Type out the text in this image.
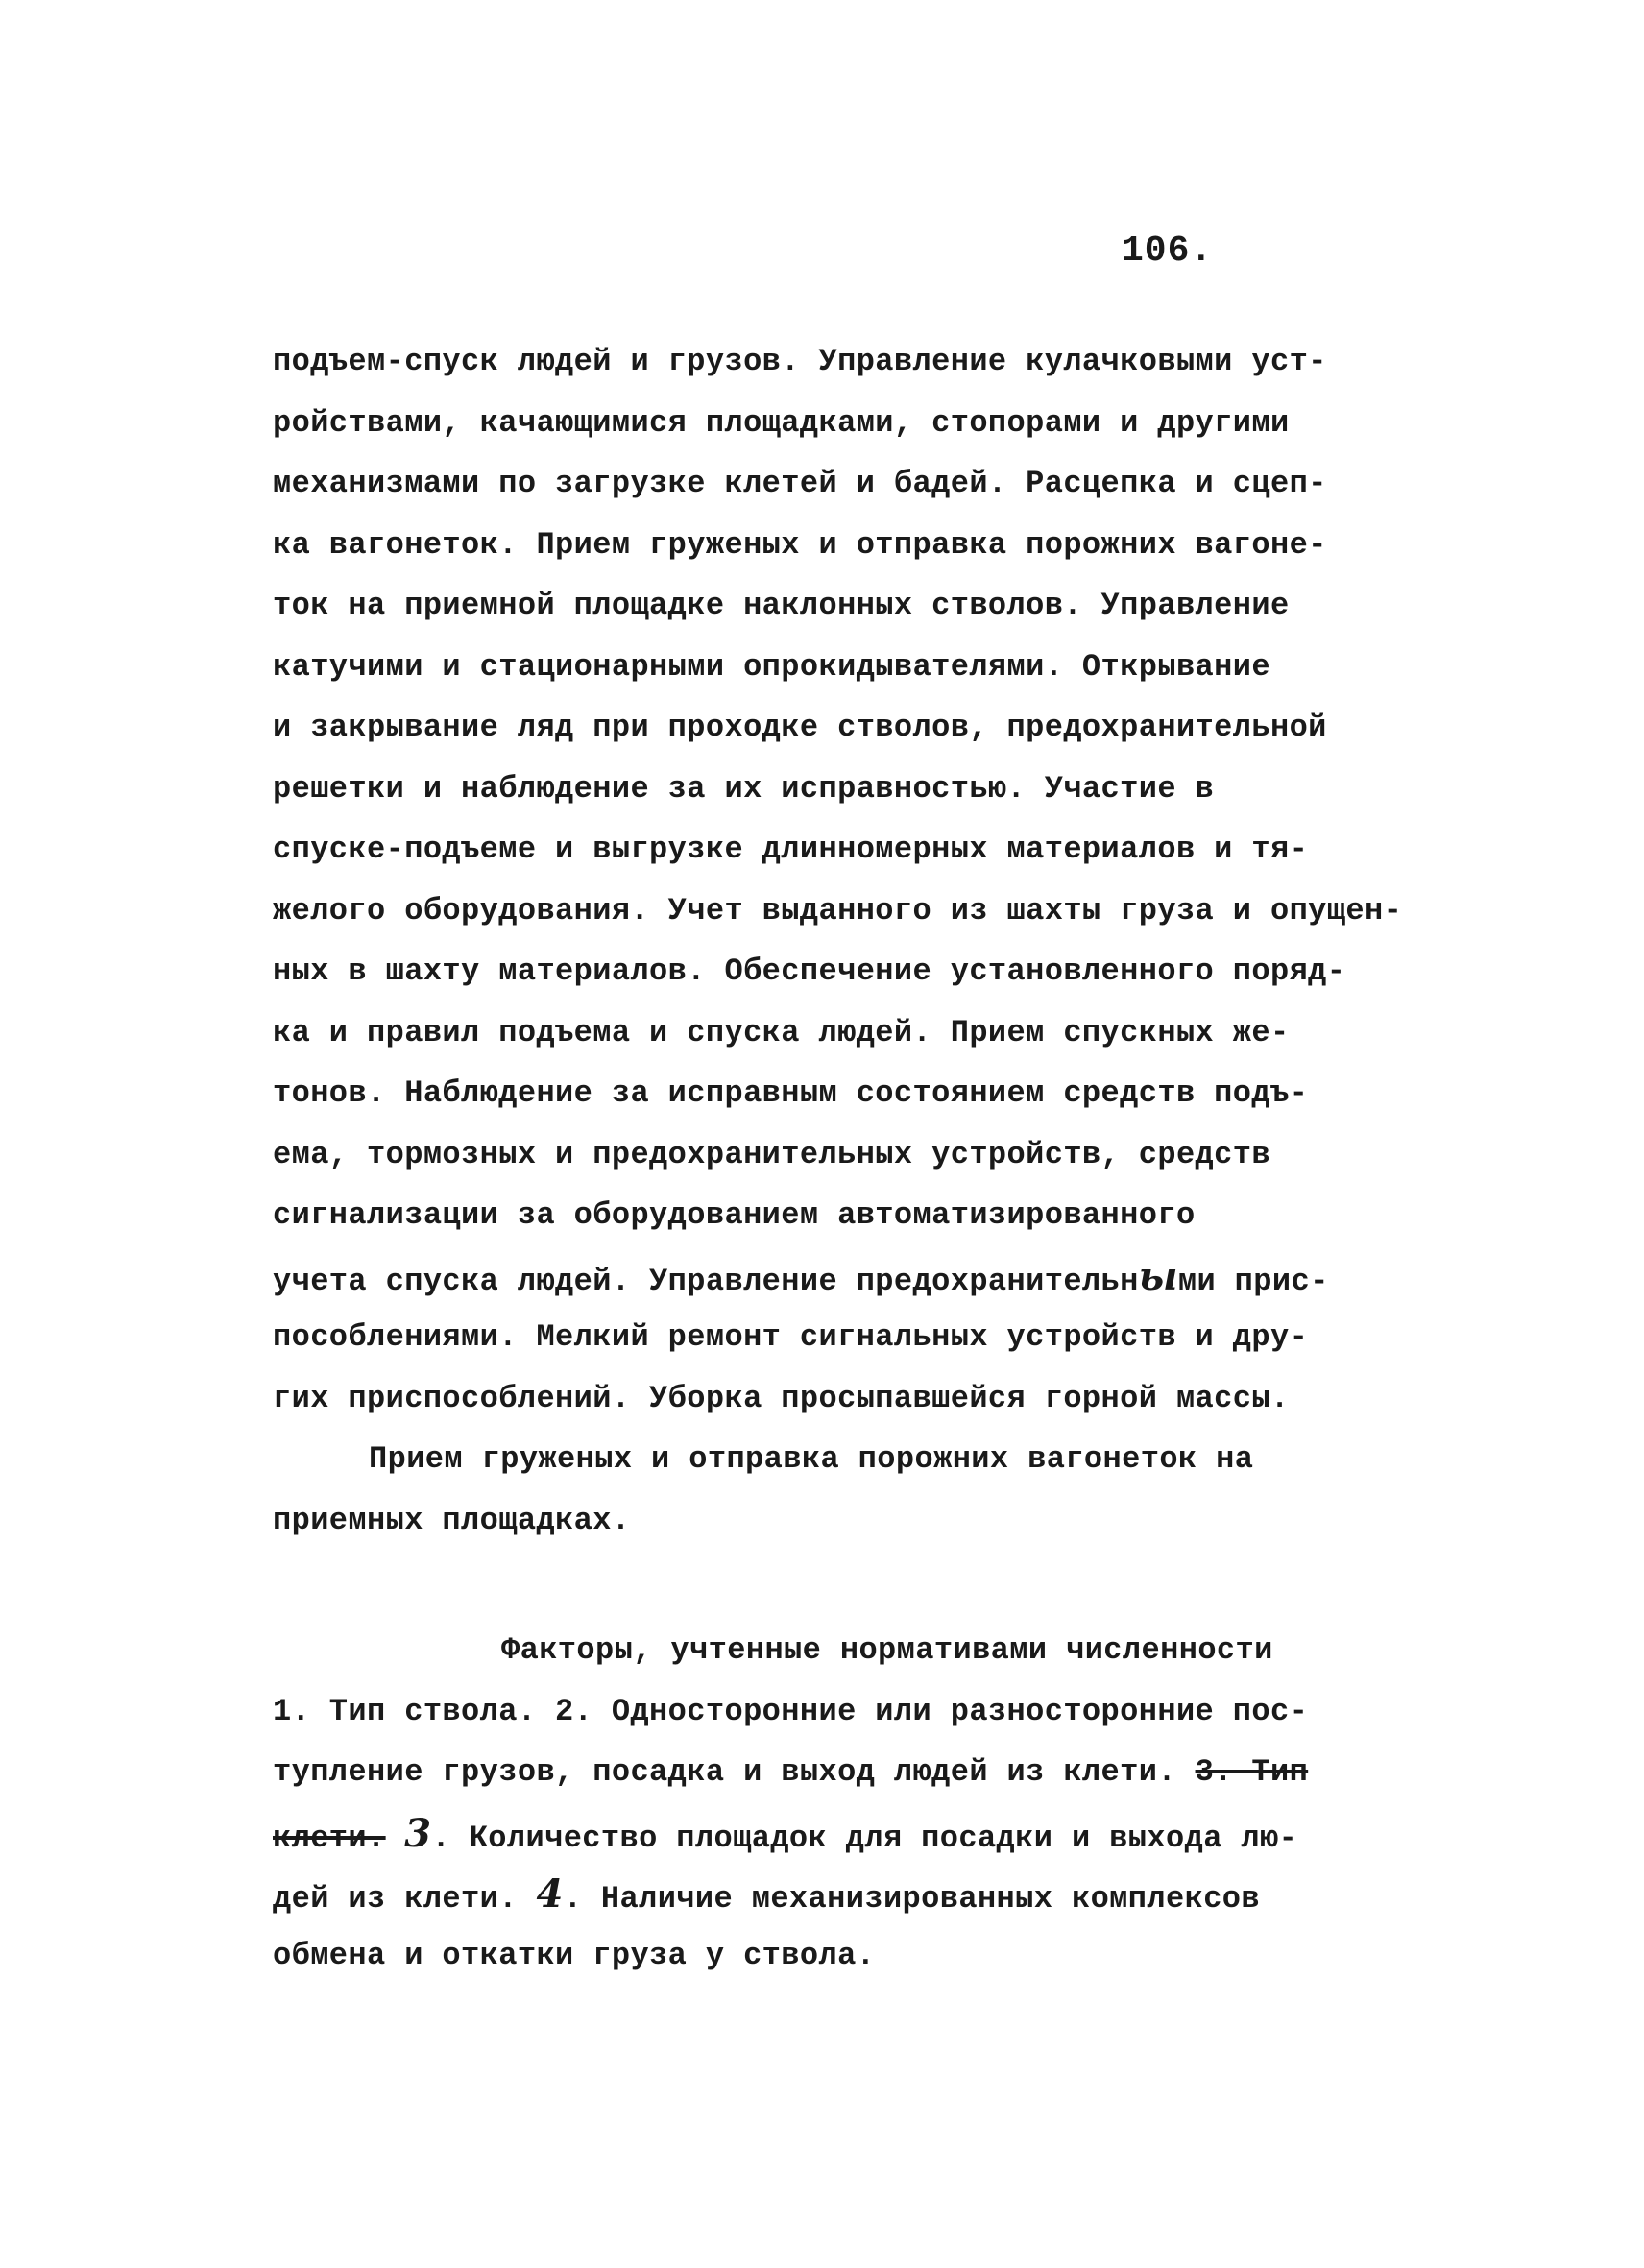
106.
подъем-спуск людей и грузов. Управление кулачковыми уст-
ройствами, качающимися площадками, стопорами и другими
механизмами по загрузке клетей и бадей. Расцепка и сцеп-
ка вагонеток. Прием груженых и отправка порожних вагоне-
ток на приемной площадке наклонных стволов. Управление
катучими и стационарными опрокидывателями. Открывание
и закрывание ляд при проходке стволов, предохранительной
решетки и наблюдение за их исправностью. Участие в
спуске-подъеме и выгрузке длинномерных материалов и тя-
желого оборудования. Учет выданного из шахты груза и опущен-
ных в шахту материалов. Обеспечение установленного поряд-
ка и правил подъема и спуска людей. Прием спускных же-
тонов. Наблюдение за исправным состоянием средств подъ-
ема, тормозных и предохранительных устройств, средств
сигнализации за оборудованием автоматизированного
учета спуска людей. Управление предохранительными прис-
пособлениями. Мелкий ремонт сигнальных устройств и дру-
гих приспособлений. Уборка просыпавшейся горной массы.
Прием груженых и отправка порожних вагонеток на
приемных площадках.
Факторы, учтенные нормативами численности
1. Тип ствола. 2. Односторонние или разносторонние пос-
тупление грузов, посадка и выход людей из клети. 3. Тип
клети. 3. Количество площадок для посадки и выхода лю-
дей из клети. 4. Наличие механизированных комплексов
обмена и откатки груза у ствола.
